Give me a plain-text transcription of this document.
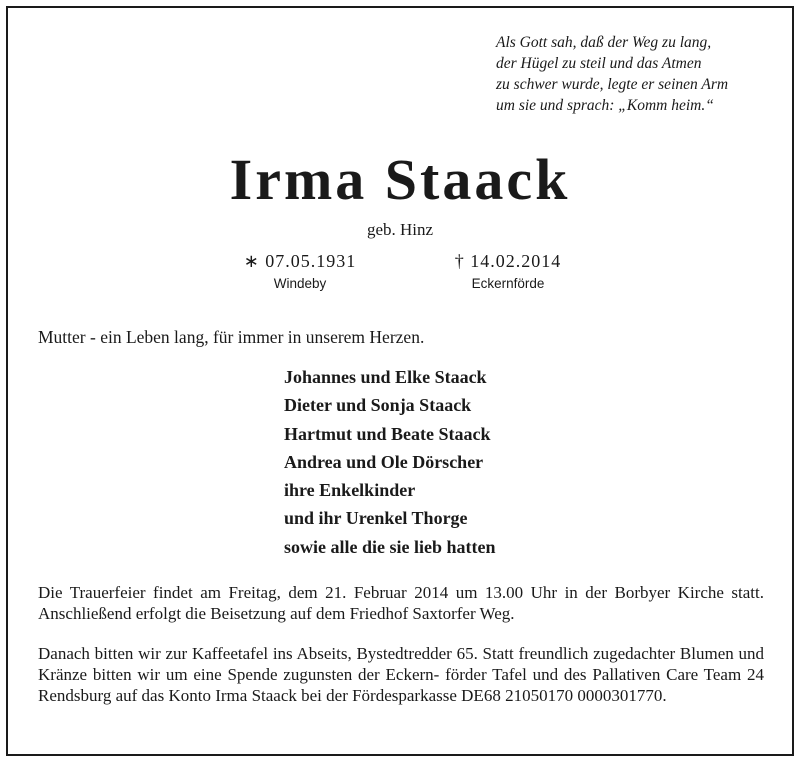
Als Gott sah, daß der Weg zu lang,
der Hügel zu steil und das Atmen
zu schwer wurde, legte er seinen Arm
um sie und sprach: „Komm heim.“
Irma Staack
geb. Hinz
∗ 07.05.1931
Windeby
† 14.02.2014
Eckernförde
Mutter - ein Leben lang, für immer in unserem Herzen.
Johannes und Elke Staack
Dieter und Sonja Staack
Hartmut und Beate Staack
Andrea und Ole Dörscher
ihre Enkelkinder
und ihr Urenkel Thorge
sowie alle die sie lieb hatten
Die Trauerfeier findet am Freitag, dem 21. Februar 2014 um 13.00 Uhr in der Borbyer Kirche statt. Anschließend erfolgt die Beisetzung auf dem Friedhof Saxtorfer Weg.
Danach bitten wir zur Kaffeetafel ins Abseits, Bystedtredder 65. Statt freundlich zugedachter Blumen und Kränze bitten wir um eine Spende zugunsten der Eckern- förder Tafel und des Pallativen Care Team 24 Rendsburg auf das Konto Irma Staack bei der Fördesparkasse DE68 21050170 0000301770.
